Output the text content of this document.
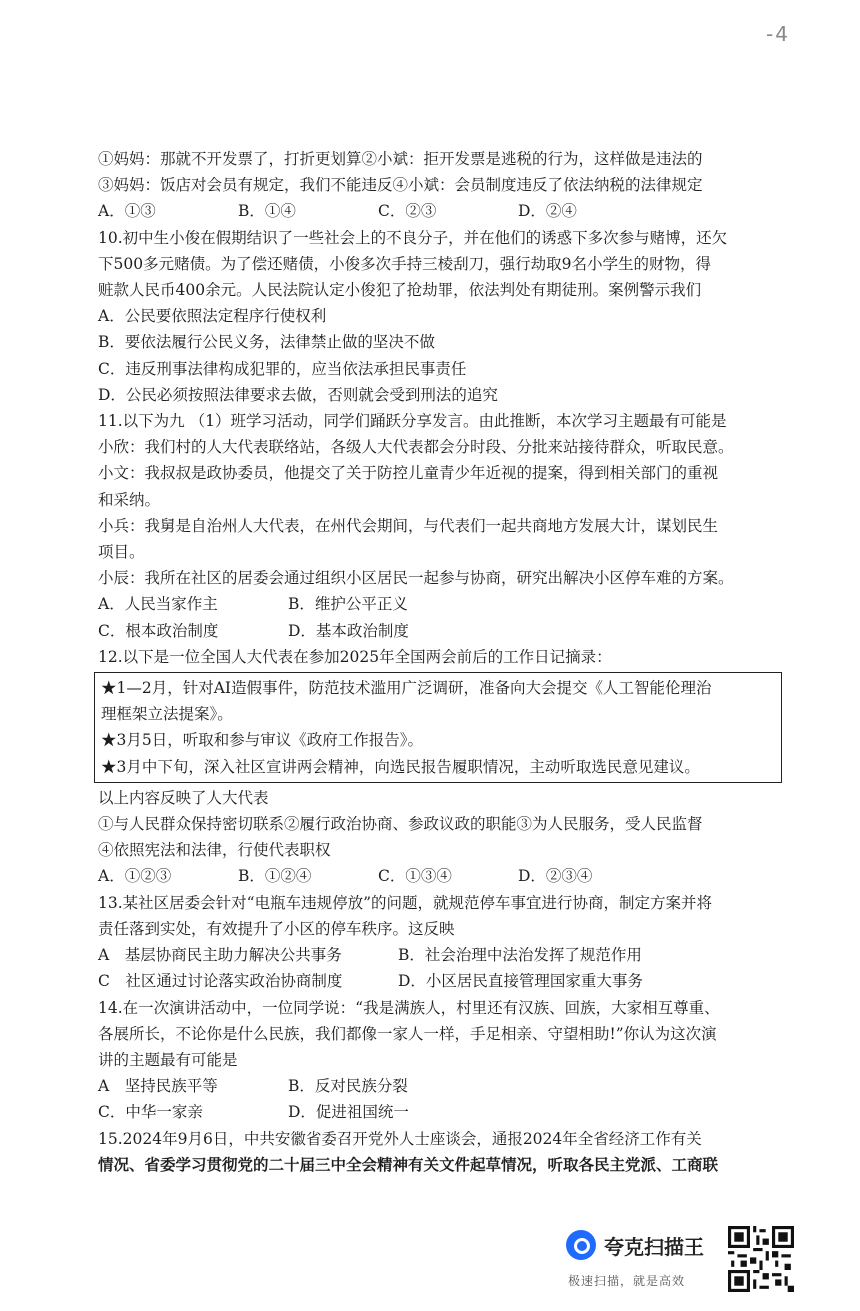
-4
①妈妈：那就不开发票了，打折更划算②小斌：拒开发票是逃税的行为，这样做是违法的
③妈妈：饭店对会员有规定，我们不能违反④小斌：会员制度违反了依法纳税的法律规定
A．①③	B．①④	C．②③	D．②④
10.初中生小俊在假期结识了一些社会上的不良分子，并在他们的诱惑下多次参与赌博，还欠
下500多元赌债。为了偿还赌债，小俊多次手持三棱刮刀，强行劫取9名小学生的财物，得
赃款人民币400余元。人民法院认定小俊犯了抢劫罪，依法判处有期徒刑。案例警示我们
A．公民要依照法定程序行使权利
B．要依法履行公民义务，法律禁止做的坚决不做
C．违反刑事法律构成犯罪的，应当依法承担民事责任
D．公民必须按照法律要求去做，否则就会受到刑法的追究
11.以下为九 （1）班学习活动，同学们踊跃分享发言。由此推断，本次学习主题最有可能是
小欣：我们村的人大代表联络站，各级人大代表都会分时段、分批来站接待群众，听取民意。
小文：我叔叔是政协委员，他提交了关于防控儿童青少年近视的提案，得到相关部门的重视
和采纳。
小兵：我舅是自治州人大代表，在州代会期间，与代表们一起共商地方发展大计，谋划民生
项目。
小辰：我所在社区的居委会通过组织小区居民一起参与协商，研究出解决小区停车难的方案。
A．人民当家作主	B．维护公平正义
C．根本政治制度	D．基本政治制度
12.以下是一位全国人大代表在参加2025年全国两会前后的工作日记摘录：
★1—2月，针对AI造假事件，防范技术滥用广泛调研，准备向大会提交《人工智能伦理治
理框架立法提案》。
★3月5日，听取和参与审议《政府工作报告》。
★3月中下旬，深入社区宣讲两会精神，向选民报告履职情况，主动听取选民意见建议。
以上内容反映了人大代表
①与人民群众保持密切联系②履行政治协商、参政议政的职能③为人民服务，受人民监督
④依照宪法和法律，行使代表职权
A．①②③	B．①②④	C．①③④	D．②③④
13.某社区居委会针对“电瓶车违规停放”的问题，就规范停车事宜进行协商，制定方案并将
责任落到实处，有效提升了小区的停车秩序。这反映
A　基层协商民主助力解决公共事务	B．社会治理中法治发挥了规范作用
C　社区通过讨论落实政治协商制度	D．小区居民直接管理国家重大事务
14.在一次演讲活动中，一位同学说：“我是满族人，村里还有汉族、回族，大家相互尊重、
各展所长，不论你是什么民族，我们都像一家人一样，手足相亲、守望相助!”你认为这次演
讲的主题最有可能是
A　坚持民族平等	B．反对民族分裂
C．中华一家亲	D．促进祖国统一
15.2024年9月6日，中共安徽省委召开党外人士座谈会，通报2024年全省经济工作有关
情况、省委学习贯彻党的二十届三中全会精神有关文件起草情况，听取各民主党派、工商联
夸克扫描王
极速扫描，就是高效
